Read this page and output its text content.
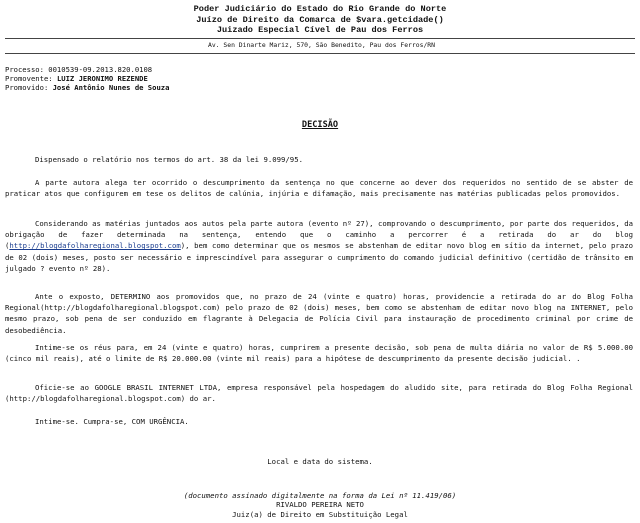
Poder Judiciário do Estado do Rio Grande do Norte
Juízo de Direito da Comarca de $vara.getcidade()
Juizado Especial Cível de Pau dos Ferros
Av. Sen Dinarte Mariz, 570, São Benedito, Pau dos Ferros/RN
Processo: 0010539-09.2013.820.0108
Promovente: LUIZ JERONIMO REZENDE
Promovido: José Antônio Nunes de Souza
DECISÃO
Dispensado o relatório nos termos do art. 38 da lei 9.099/95.
A parte autora alega ter ocorrido o descumprimento da sentença no que concerne ao dever dos requeridos no sentido de se abster de praticar atos que configurem em tese os delitos de calúnia, injúria e difamação, mais precisamente nas matérias publicadas pelos promovidos.
Considerando as matérias juntados aos autos pela parte autora (evento nº 27), comprovando o descumprimento, por parte dos requeridos, da obrigação de fazer determinada na sentença, entendo que o caminho a percorrer é a retirada do ar do blog (http://blogdafolharegional.blogspot.com), bem como determinar que os mesmos se abstenham de editar novo blog em sítio da internet, pelo prazo de 02 (dois) meses, posto ser necessário e imprescindível para assegurar o cumprimento do comando judicial definitivo (certidão de trânsito em julgado ? evento nº 28).
Ante o exposto, DETERMINO aos promovidos que, no prazo de 24 (vinte e quatro) horas, providencie a retirada do ar do Blog Folha Regional(http://blogdafolharegional.blogspot.com) pelo prazo de 02 (dois) meses, bem como se abstenham de editar novo blog na INTERNET, pelo mesmo prazo, sob pena de ser conduzido em flagrante à Delegacia de Polícia Civil para instauração de procedimento criminal por crime de desobediência.
Intime-se os réus para, em 24 (vinte e quatro) horas, cumprirem a presente decisão, sob pena de multa diária no valor de R$ 5.000.00 (cinco mil reais), até o limite de R$ 20.000.00 (vinte mil reais) para a hipótese de descumprimento da presente decisão judicial. .
Oficie-se ao GOOGLE BRASIL INTERNET LTDA, empresa responsável pela hospedagem do aludido site, para retirada do Blog Folha Regional (http://blogdafolharegional.blogspot.com) do ar.
Intime-se. Cumpra-se, COM URGÊNCIA.
Local e data do sistema.
(documento assinado digitalmente na forma da Lei nº 11.419/06)
RIVALDO PEREIRA NETO
Juiz(a) de Direito em Substituição Legal
